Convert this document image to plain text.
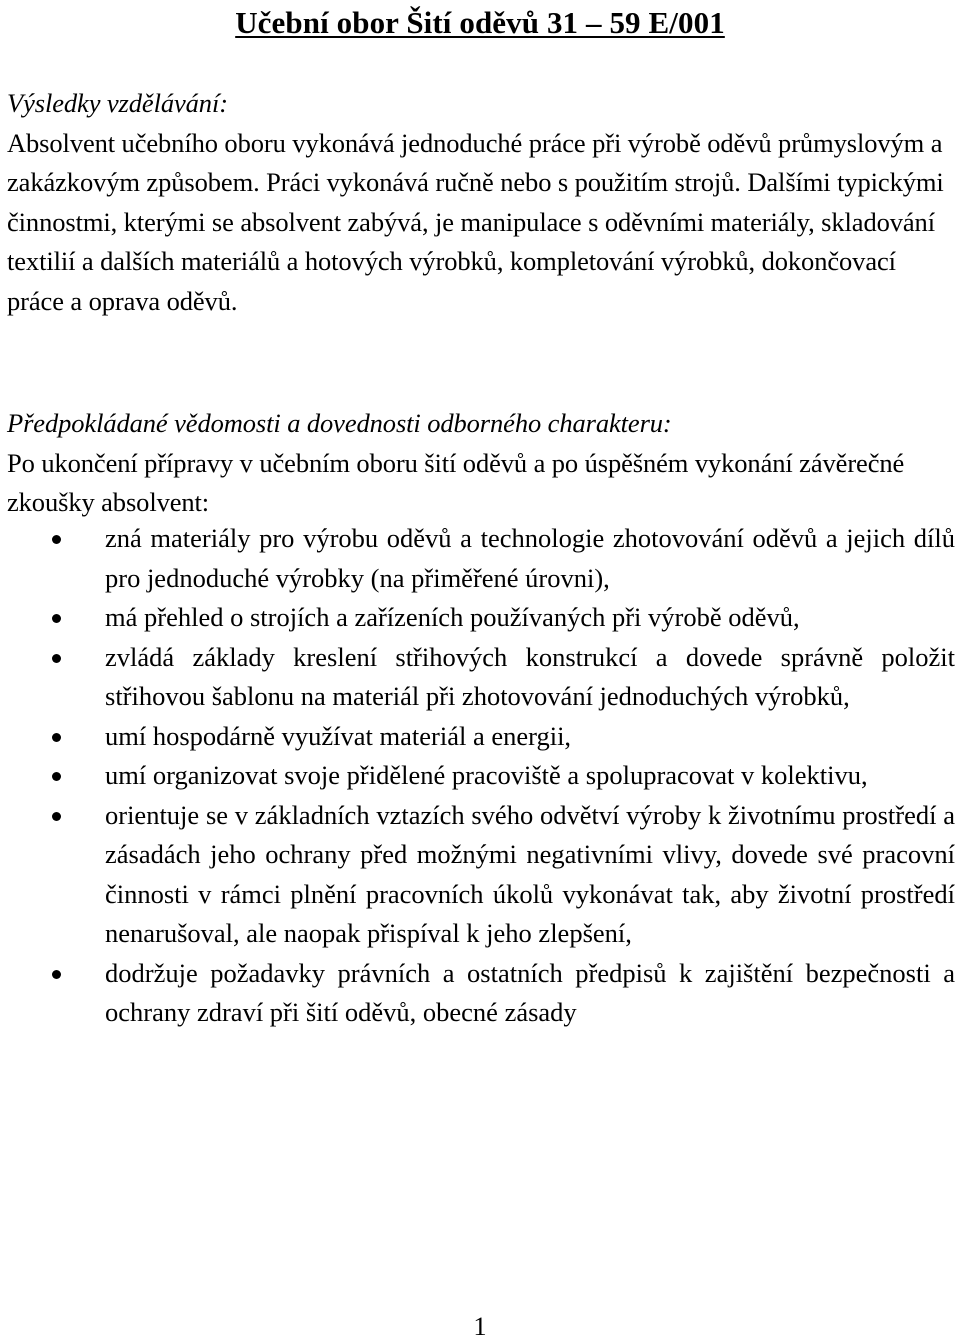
Učební obor Šití oděvů 31 – 59 E/001
Výsledky vzdělávání:

Absolvent učebního oboru vykonává jednoduché práce při výrobě oděvů průmyslovým a zakázkovým způsobem. Práci vykonává ručně nebo s použitím strojů. Dalšími typickými činnostmi, kterými se absolvent zabývá, je manipulace s oděvními materiály, skladování textilií a dalších materiálů a hotových výrobků, kompletování výrobků, dokončovací práce a oprava oděvů.

Předpokládané vědomosti a dovednosti odborného charakteru:

Po ukončení přípravy v učebním oboru šití oděvů a po úspěšném vykonání závěrečné zkoušky absolvent:

zná materiály pro výrobu oděvů a technologie zhotovování oděvů a jejich dílů pro jednoduché výrobky (na přiměřené úrovni),
má přehled o strojích a zařízeních používaných při výrobě oděvů,
zvládá základy kreslení střihových konstrukcí a dovede správně položit střihovou šablonu na materiál při zhotovování jednoduchých výrobků,
umí hospodárně využívat materiál a energii,
umí organizovat svoje přidělené pracoviště a spolupracovat v kolektivu,
orientuje se v základních vztazích svého odvětví výroby k životnímu prostředí a zásadách jeho ochrany před možnými negativními vlivy, dovede své pracovní činnosti v rámci plnění pracovních úkolů vykonávat tak, aby životní prostředí nenarušoval, ale naopak přispíval k jeho zlepšení,
dodržuje požadavky právních a ostatních předpisů k zajištění bezpečnosti a ochrany zdraví při šití oděvů, obecné zásady
1
